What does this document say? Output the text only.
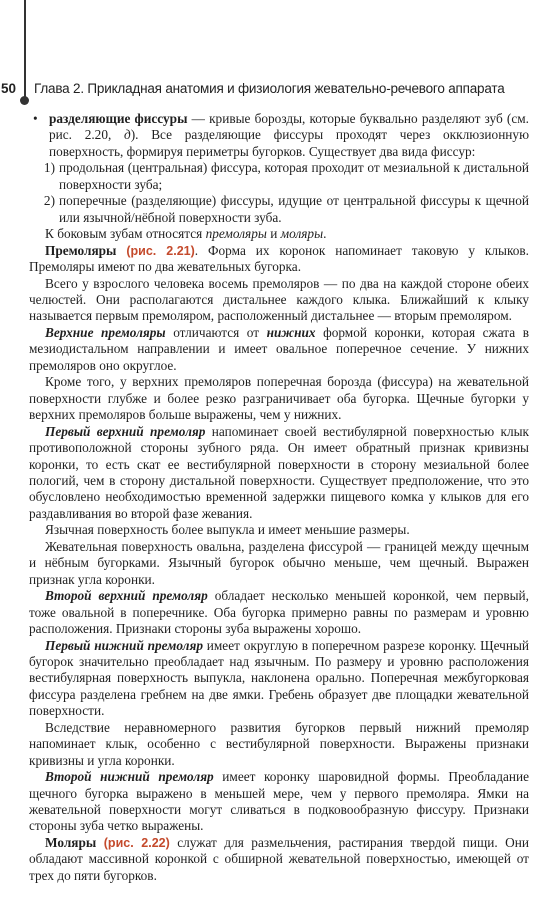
50 Глава 2. Прикладная анатомия и физиология жевательно-речевого аппарата

• разделяющие фиссуры — кривые борозды, которые буквально разделяют зуб (см. рис. 2.20, д). Все разделяющие фиссуры проходят через окклюзионную поверхность, формируя периметры бугорков. Существует два вида фиссур:

1) продольная (центральная) фиссура, которая проходит от мезиальной к дистальной поверхности зуба;

2) поперечные (разделяющие) фиссуры, идущие от центральной фиссуры к щечной или язычной/нёбной поверхности зуба.

К боковым зубам относятся премоляры и моляры.

Премоляры (рис. 2.21). Форма их коронок напоминает таковую у клыков. Премоляры имеют по два жевательных бугорка.

Всего у взрослого человека восемь премоляров — по два на каждой стороне обеих челюстей. Они располагаются дистальнее каждого клыка. Ближайший к клыку называется первым премоляром, расположенный дистальнее — вторым премоляром.

Верхние премоляры отличаются от нижних формой коронки, которая сжата в мезиодистальном направлении и имеет овальное поперечное сечение. У нижних премоляров оно округлое.

Кроме того, у верхних премоляров поперечная борозда (фиссура) на жевательной поверхности глубже и более резко разграничивает оба бугорка. Щечные бугорки у верхних премоляров больше выражены, чем у нижних.

Первый верхний премоляр напоминает своей вестибулярной поверхностью клык противоположной стороны зубного ряда. Он имеет обратный признак кривизны коронки, то есть скат ее вестибулярной поверхности в сторону мезиальной более пологий, чем в сторону дистальной поверхности. Существует предположение, что это обусловлено необходимостью временной задержки пищевого комка у клыков для его раздавливания во второй фазе жевания.

Язычная поверхность более выпукла и имеет меньшие размеры.

Жевательная поверхность овальна, разделена фиссурой — границей между щечным и нёбным бугорками. Язычный бугорок обычно меньше, чем щечный. Выражен признак угла коронки.

Второй верхний премоляр обладает несколько меньшей коронкой, чем первый, тоже овальной в поперечнике. Оба бугорка примерно равны по размерам и уровню расположения. Признаки стороны зуба выражены хорошо.

Первый нижний премоляр имеет округлую в поперечном разрезе коронку. Щечный бугорок значительно преобладает над язычным. По размеру и уровню расположения вестибулярная поверхность выпукла, наклонена орально. Поперечная межбугорковая фиссура разделена гребнем на две ямки. Гребень образует две площадки жевательной поверхности.

Вследствие неравномерного развития бугорков первый нижний премоляр напоминает клык, особенно с вестибулярной поверхности. Выражены признаки кривизны и угла коронки.

Второй нижний премоляр имеет коронку шаровидной формы. Преобладание щечного бугорка выражено в меньшей мере, чем у первого премоляра. Ямки на жевательной поверхности могут сливаться в подковообразную фиссуру. Признаки стороны зуба четко выражены.

Моляры (рис. 2.22) служат для размельчения, растирания твердой пищи. Они обладают массивной коронкой с обширной жевательной поверхностью, имеющей от трех до пяти бугорков.
